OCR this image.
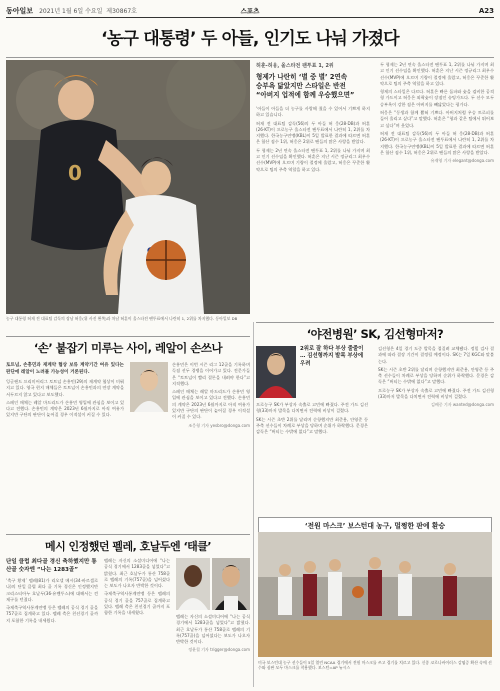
동아일보 2021년 1월 6일 수요일 제30867호	스포츠	A23
‘농구 대통령’ 두 아들, 인기도 나눠 가졌다
0
농구 대통령 허재 전 대표팀 감독의 장남 허웅(위 사진 왼쪽)과 차남 허훈이 올스타전 팬투표에서 나란히 1, 2위를 차지했다. 동아일보 DB
허훈-허웅, 올스타전 팬투표 1, 2위
형제가 나란히 ‘별 중 별’ 2연속
승부욕 닮았지만 스타일은 반전
“아버지 업적에 함께 우승했으면”

‘아들이 아들을 더 농구를 사랑해 줬을 수 있어서 기쁘게 하지 하고 있습니다.

허재 전 대표팀 감독(56)의 두 아들 허 웅(28·DB)과 허훈(26·KT)이 프로농구 올스타전 팬투표에서 나란히 1, 2위를 차지했다. 한국농구연맹(KBL)이 5일 발표한 결과에 따르면 허훈은 합산 점수 1위, 허웅은 2위로 팬들의 많은 사랑을 받았다.

두 형제는 2년 연속 올스타전 팬투표 1, 2위를 나눠 가지며 최고 인기 선수임을 확인했다. 허훈은 지난 시즌 정규리그 최우수선수(MVP)에 오르며 기량이 절정에 올랐고, 허웅은 꾸준한 활약으로 팀의 주축 역할을 하고 있다.

두 형제는 2년 연속 올스타전 팬투표 1, 2위를 나눠 가지며 최고 인기 선수임을 확인했다. 허훈은 지난 시즌 정규리그 최우수선수(MVP)에 오르며 기량이 절정에 올랐고, 허웅은 꾸준한 활약으로 팀의 주축 역할을 하고 있다.

형제의 스타일은 다르다. 허훈은 빠른 돌파와 슛을 겸비한 공격형 가드이고 허웅은 외곽슛이 장점인 슈팅가드다. 두 선수 모두 승부욕이 강한 점은 아버지를 빼닮았다는 평가다.

허웅은 “동생과 함께 뽑혀 기쁘다. 아버지처럼 우승 트로피를 들어 올리고 싶다”고 말했다. 허훈은 “형과 같은 팀에서 뛰어보고 싶다”며 웃었다.

허재 전 대표팀 감독(56)의 두 아들 허 웅(28·DB)과 허훈(26·KT)이 프로농구 올스타전 팬투표에서 나란히 1, 2위를 차지했다. 한국농구연맹(KBL)이 5일 발표한 결과에 따르면 허훈은 합산 점수 1위, 허웅은 2위로 팬들의 많은 사랑을 받았다.

유재영 기자 elegant@donga.com
‘손’ 붙잡기 미루는 사이, 레알이 손쓰나
토트넘, 손흥민과 재계약 협상 보류 계약기간 여유 있다는 판단에 레알이 노려볼 가능성이 거론된다.

잉글랜드 프리미어리그 토트넘 손흥민(29)의 재계약 협상이 미뤄지고 있다. 영국 현지 매체들은 토트넘이 손흥민과의 연장 계약을 서두르지 않고 있다고 보도했다.

스페인 매체는 레알 마드리드가 손흥민 영입에 관심을 보이고 있다고 전했다. 손흥민의 계약은 2023년 6월까지로 아직 여유가 있지만 구단의 판단이 늦어질 경우 이적설이 커질 수 있다.

손흥민은 이번 시즌 리그 12골을 기록하며 득점 선두 경쟁을 이어가고 있다. 전문가들은 “토트넘이 빨리 결론을 내려야 한다”고 지적했다.

스페인 매체는 레알 마드리드가 손흥민 영입에 관심을 보이고 있다고 전했다. 손흥민의 계약은 2023년 6월까지로 아직 여유가 있지만 구단의 판단이 늦어질 경우 이적설이 커질 수 있다.

조응형 기자 yesbro@donga.com
‘야전병원’ SK, 김선형마저?
2위로 잘 하다 부상 줄줄이 … 김선형까지 발목 부상에 우려

프로농구 SK가 부상자 속출로 고민에 빠졌다. 주전 가드 김선형(33)마저 발목을 다치면서 전력에 비상이 걸렸다.

SK는 시즌 초반 2위를 달리며 순항했지만 최준용, 안영준 등 주축 선수들이 차례로 부상을 당하며 순위가 하락했다. 문경은 감독은 “버티는 수밖에 없다”고 말했다.

김선형은 4일 경기 도중 발목을 접질려 교체됐다. 정밀 검사 결과에 따라 결장 기간이 결정될 예정이다. SK는 7일 KGC와 맞붙는다.

SK는 시즌 초반 2위를 달리며 순항했지만 최준용, 안영준 등 주축 선수들이 차례로 부상을 당하며 순위가 하락했다. 문경은 감독은 “버티는 수밖에 없다”고 말했다.

프로농구 SK가 부상자 속출로 고민에 빠졌다. 주전 가드 김선형(33)마저 발목을 다치면서 전력에 비상이 걸렸다.

김배중 기자 wanted@donga.com
메시 인정했던 펠레, 호날두엔 ‘태클’
단일 클럽 최다골 경신 축하했지만 통산골 숫자엔 “나는 1283골”

‘축구 황제’ 펠레(81)가 리오넬 메시(34·바르셀로나)의 단일 클럽 최다 골 기록 경신은 인정했지만 크리스티아누 호날두(36·유벤투스)에 대해서는 견제구를 던졌다.

국제축구역사통계연맹 등은 펠레의 공식 경기 골을 757골로 집계하고 있다. 펠레 측은 친선경기 골까지 포함한 기록을 내세웠다.

펠레는 자신의 소셜미디어에 “나는 공식 경기에서 1283골을 넣었다”고 밝혔다. 최근 호날두가 통산 758골로 펠레의 기록(757골)을 넘어섰다는 보도가 나오자 반박한 것이다.

국제축구역사통계연맹 등은 펠레의 공식 경기 골을 757골로 집계하고 있다. 펠레 측은 친선경기 골까지 포함한 기록을 내세웠다.

펠레는 자신의 소셜미디어에 “나는 공식 경기에서 1283골을 넣었다”고 밝혔다. 최근 호날두가 통산 758골로 펠레의 기록(757골)을 넘어섰다는 보도가 나오자 반박한 것이다.

정윤철 기자 trigger@donga.com
‘전원 마스크’ 보스턴대 농구, 멀쩡한 판에 환승
미국 보스턴대 농구 선수들이 5일 열린 NCAA 경기에서 전원 마스크를 쓰고 경기를 치르고 있다. 신종 코로나바이러스 감염증 확산 속에 선수와 심판 모두 마스크를 착용했다. 보스턴=AP 뉴시스
